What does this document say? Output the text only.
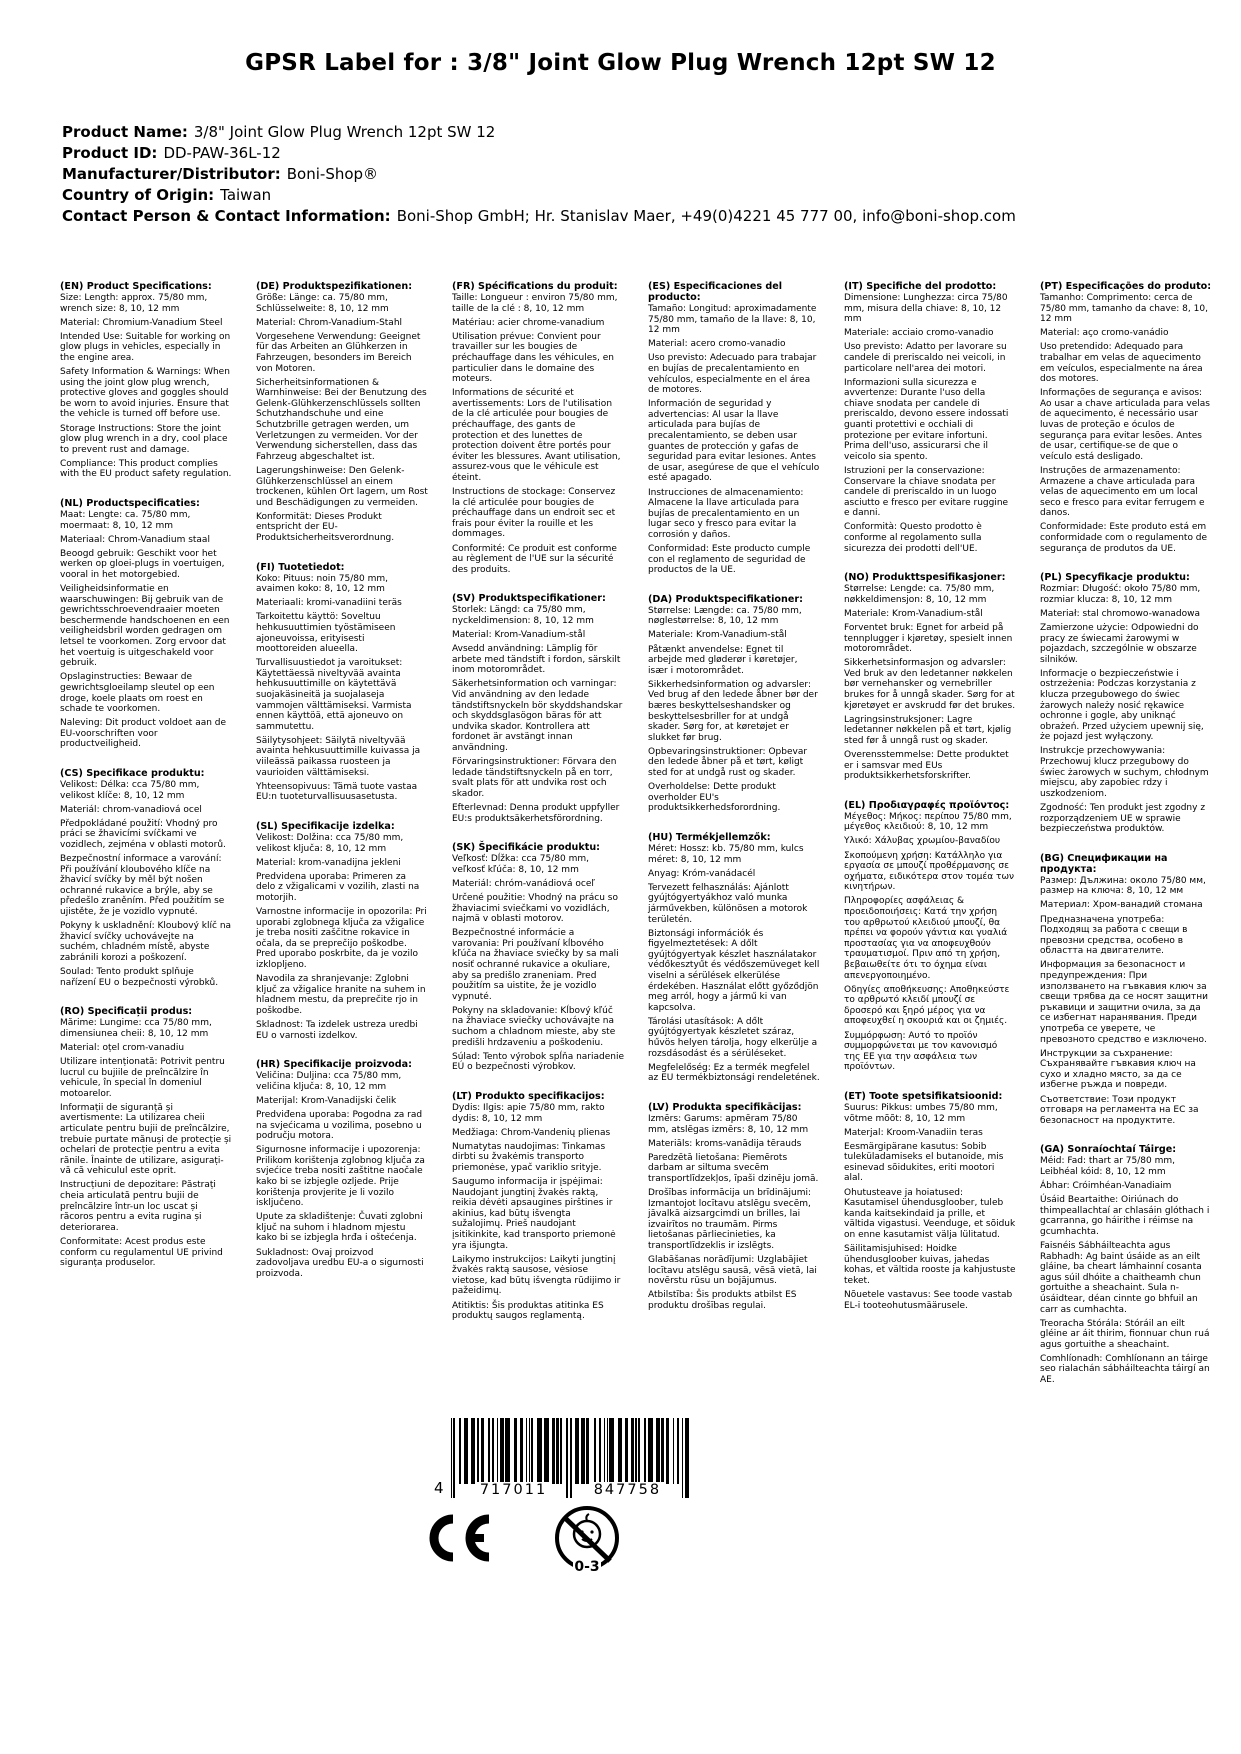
GPSR Label for : 3/8" Joint Glow Plug Wrench 12pt SW 12
Product Name: 3/8" Joint Glow Plug Wrench 12pt SW 12
Product ID: DD-PAW-36L-12
Manufacturer/Distributor: Boni-Shop®
Country of Origin: Taiwan
Contact Person & Contact Information: Boni-Shop GmbH; Hr. Stanislav Maer, +49(0)4221 45 777 00, info@boni-shop.com
(EN) Product Specifications:

Size: Length: approx. 75/80 mm, wrench size: 8, 10, 12 mm

Material: Chromium-Vanadium Steel

Intended Use: Suitable for working on glow plugs in vehicles, especially in the engine area.

Safety Information & Warnings: When using the joint glow plug wrench, protective gloves and goggles should be worn to avoid injuries. Ensure that the vehicle is turned off before use.

Storage Instructions: Store the joint glow plug wrench in a dry, cool place to prevent rust and damage.

Compliance: This product complies with the EU product safety regulation.

(NL) Productspecificaties:

Maat: Lengte: ca. 75/80 mm, moermaat: 8, 10, 12 mm

Materiaal: Chrom-Vanadium staal

Beoogd gebruik: Geschikt voor het werken op gloei-plugs in voertuigen, vooral in het motorgebied.

Veiligheidsinformatie en waarschuwingen: Bij gebruik van de gewrichtsschroevendraaier moeten beschermende handschoenen en een veiligheidsbril worden gedragen om letsel te voorkomen. Zorg ervoor dat het voertuig is uitgeschakeld voor gebruik.

Opslaginstructies: Bewaar de gewrichtsgloeilamp sleutel op een droge, koele plaats om roest en schade te voorkomen.

Naleving: Dit product voldoet aan de EU-voorschriften voor productveiligheid.

(CS) Specifikace produktu:

Velikost: Délka: cca 75/80 mm, velikost klíče: 8, 10, 12 mm

Materiál: chrom-vanadiová ocel

Předpokládané použití: Vhodný pro práci se žhavicími svíčkami ve vozidlech, zejména v oblasti motorů.

Bezpečnostní informace a varování: Při používání kloubového klíče na žhavicí svíčky by měl být nošen ochranné rukavice a brýle, aby se předešlo zraněním. Před použitím se ujistěte, že je vozidlo vypnuté.

Pokyny k uskladnění: Kloubový klíč na žhavicí svíčky uchovávejte na suchém, chladném místě, abyste zabránili korozi a poškození.

Soulad: Tento produkt splňuje nařízení EU o bezpečnosti výrobků.

(RO) Specificații produs:

Mărime: Lungime: cca 75/80 mm, dimensiunea cheii: 8, 10, 12 mm

Material: oțel crom-vanadiu

Utilizare intenționată: Potrivit pentru lucrul cu bujiile de preîncălzire în vehicule, în special în domeniul motoarelor.

Informații de siguranță și avertismente: La utilizarea cheii articulate pentru bujii de preîncălzire, trebuie purtate mănuși de protecție și ochelari de protecție pentru a evita rănile. Înainte de utilizare, asigurați-vă că vehiculul este oprit.

Instrucțiuni de depozitare: Păstrați cheia articulată pentru bujii de preîncălzire într-un loc uscat și răcoros pentru a evita rugina și deteriorarea.

Conformitate: Acest produs este conform cu regulamentul UE privind siguranța produselor.

(DE) Produktspezifikationen:

Größe: Länge: ca. 75/80 mm, Schlüsselweite: 8, 10, 12 mm

Material: Chrom-Vanadium-Stahl

Vorgesehene Verwendung: Geeignet für das Arbeiten an Glühkerzen in Fahrzeugen, besonders im Bereich von Motoren.

Sicherheitsinformationen & Warnhinweise: Bei der Benutzung des Gelenk-Glühkerzenschlüssels sollten Schutzhandschuhe und eine Schutzbrille getragen werden, um Verletzungen zu vermeiden. Vor der Verwendung sicherstellen, dass das Fahrzeug abgeschaltet ist.

Lagerungshinweise: Den Gelenk-Glühkerzenschlüssel an einem trockenen, kühlen Ort lagern, um Rost und Beschädigungen zu vermeiden.

Konformität: Dieses Produkt entspricht der EU-Produktsicherheitsverordnung.

(FI) Tuotetiedot:

Koko: Pituus: noin 75/80 mm, avaimen koko: 8, 10, 12 mm

Materiaali: kromi-vanadiini teräs

Tarkoitettu käyttö: Soveltuu hehkusuuttimien työstämiseen ajoneuvoissa, erityisesti moottoreiden alueella.

Turvallisuustiedot ja varoitukset: Käytettäessä niveltyvää avainta hehkusuuttimille on käytettävä suojakäsineitä ja suojalaseja vammojen välttämiseksi. Varmista ennen käyttöä, että ajoneuvo on sammutettu.

Säilytysohjeet: Säilytä niveltyvää avainta hehkusuuttimille kuivassa ja viileässä paikassa ruosteen ja vaurioiden välttämiseksi.

Yhteensopivuus: Tämä tuote vastaa EU:n tuoteturvallisuusasetusta.

(SL) Specifikacije izdelka:

Velikost: Dolžina: cca 75/80 mm, velikost ključa: 8, 10, 12 mm

Material: krom-vanadijna jekleni

Predvidena uporaba: Primeren za delo z vžigalicami v vozilih, zlasti na motorjih.

Varnostne informacije in opozorila: Pri uporabi zglobnega ključa za vžigalice je treba nositi zaščitne rokavice in očala, da se preprečijo poškodbe. Pred uporabo poskrbite, da je vozilo izklopljeno.

Navodila za shranjevanje: Zglobni ključ za vžigalice hranite na suhem in hladnem mestu, da preprečite rjo in poškodbe.

Skladnost: Ta izdelek ustreza uredbi EU o varnosti izdelkov.

(HR) Specifikacije proizvoda:

Veličina: Duljina: cca 75/80 mm, veličina ključa: 8, 10, 12 mm

Materijal: Krom-Vanadijski čelik

Predviđena uporaba: Pogodna za rad na svjećicama u vozilima, posebno u području motora.

Sigurnosne informacije i upozorenja: Prilikom korištenja zglobnog ključa za svjećice treba nositi zaštitne naočale kako bi se izbjegle ozljede. Prije korištenja provjerite je li vozilo isključeno.

Upute za skladištenje: Čuvati zglobni ključ na suhom i hladnom mjestu kako bi se izbjegla hrđa i oštećenja.

Sukladnost: Ovaj proizvod zadovoljava uredbu EU-a o sigurnosti proizvoda.

(FR) Spécifications du produit:

Taille: Longueur : environ 75/80 mm, taille de la clé : 8, 10, 12 mm

Matériau: acier chrome-vanadium

Utilisation prévue: Convient pour travailler sur les bougies de préchauffage dans les véhicules, en particulier dans le domaine des moteurs.

Informations de sécurité et avertissements: Lors de l'utilisation de la clé articulée pour bougies de préchauffage, des gants de protection et des lunettes de protection doivent être portés pour éviter les blessures. Avant utilisation, assurez-vous que le véhicule est éteint.

Instructions de stockage: Conservez la clé articulée pour bougies de préchauffage dans un endroit sec et frais pour éviter la rouille et les dommages.

Conformité: Ce produit est conforme au règlement de l'UE sur la sécurité des produits.

(SV) Produktspecifikationer:

Storlek: Längd: ca 75/80 mm, nyckeldimension: 8, 10, 12 mm

Material: Krom-Vanadium-stål

Avsedd användning: Lämplig för arbete med tändstift i fordon, särskilt inom motorområdet.

Säkerhetsinformation och varningar: Vid användning av den ledade tändstiftsnyckeln bör skyddshandskar och skyddsglasögon bäras för att undvika skador. Kontrollera att fordonet är avstängt innan användning.

Förvaringsinstruktioner: Förvara den ledade tändstiftsnyckeln på en torr, svalt plats för att undvika rost och skador.

Efterlevnad: Denna produkt uppfyller EU:s produktsäkerhetsförordning.

(SK) Špecifikácie produktu:

Veľkosť: Dĺžka: cca 75/80 mm, veľkosť kľúča: 8, 10, 12 mm

Materiál: chróm-vanádiová oceľ

Určené použitie: Vhodný na prácu so žhaviacimi sviečkami vo vozidlách, najmä v oblasti motorov.

Bezpečnostné informácie a varovania: Pri používaní kĺbového kľúča na žhaviace sviečky by sa mali nosiť ochranné rukavice a okuliare, aby sa predišlo zraneniam. Pred použitím sa uistite, že je vozidlo vypnuté.

Pokyny na skladovanie: Kĺbový kľúč na žhaviace sviečky uchovávajte na suchom a chladnom mieste, aby ste predišli hrdzaveniu a poškodeniu.

Súlad: Tento výrobok spĺňa nariadenie EÚ o bezpečnosti výrobkov.

(LT) Produkto specifikacijos:

Dydis: Ilgis: apie 75/80 mm, rakto dydis: 8, 10, 12 mm

Medžiaga: Chrom-Vandenių plienas

Numatytas naudojimas: Tinkamas dirbti su žvakėmis transporto priemonėse, ypač variklio srityje.

Saugumo informacija ir įspėjimai: Naudojant jungtinį žvakės raktą, reikia dėvėti apsaugines pirštines ir akinius, kad būtų išvengta sužalojimų. Prieš naudojant įsitikinkite, kad transporto priemonė yra išjungta.

Laikymo instrukcijos: Laikyti jungtinį žvakės raktą sausose, vėsiose vietose, kad būtų išvengta rūdijimo ir pažeidimų.

Atitiktis: Šis produktas atitinka ES produktų saugos reglamentą.

(ES) Especificaciones del producto:

Tamaño: Longitud: aproximadamente 75/80 mm, tamaño de la llave: 8, 10, 12 mm

Material: acero cromo-vanadio

Uso previsto: Adecuado para trabajar en bujías de precalentamiento en vehículos, especialmente en el área de motores.

Información de seguridad y advertencias: Al usar la llave articulada para bujías de precalentamiento, se deben usar guantes de protección y gafas de seguridad para evitar lesiones. Antes de usar, asegúrese de que el vehículo esté apagado.

Instrucciones de almacenamiento: Almacene la llave articulada para bujías de precalentamiento en un lugar seco y fresco para evitar la corrosión y daños.

Conformidad: Este producto cumple con el reglamento de seguridad de productos de la UE.

(DA) Produktspecifikationer:

Størrelse: Længde: ca. 75/80 mm, nøglestørrelse: 8, 10, 12 mm

Materiale: Krom-Vanadium-stål

Påtænkt anvendelse: Egnet til arbejde med gløderør i køretøjer, især i motorområdet.

Sikkerhedsinformation og advarsler: Ved brug af den ledede åbner bør der bæres beskyttelseshandsker og beskyttelsesbriller for at undgå skader. Sørg for, at køretøjet er slukket før brug.

Opbevaringsinstruktioner: Opbevar den ledede åbner på et tørt, køligt sted for at undgå rust og skader.

Overholdelse: Dette produkt overholder EU's produktsikkerhedsforordning.

(HU) Termékjellemzők:

Méret: Hossz: kb. 75/80 mm, kulcs méret: 8, 10, 12 mm

Anyag: Króm-vanádacél

Tervezett felhasználás: Ajánlott gyújtógyertyákhoz való munka járművekben, különösen a motorok területén.

Biztonsági információk és figyelmeztetések: A dőlt gyújtógyertyak készlet használatakor védőkesztyűt és védőszemüveget kell viselni a sérülések elkerülése érdekében. Használat előtt győződjön meg arról, hogy a jármű ki van kapcsolva.

Tárolási utasítások: A dőlt gyújtógyertyak készletet száraz, hűvös helyen tárolja, hogy elkerülje a rozsdásodást és a sérüléseket.

Megfelelőség: Ez a termék megfelel az EU termékbiztonsági rendeletének.

(LV) Produkta specifikācijas:

Izmērs: Garums: apmēram 75/80 mm, atslēgas izmērs: 8, 10, 12 mm

Materiāls: kroms-vanādija tērauds

Paredzētā lietošana: Piemērots darbam ar siltuma svecēm transportlīdzekļos, īpaši dzinēju jomā.

Drošības informācija un brīdinājumi: Izmantojot locītavu atslēgu svecēm, jāvalkā aizsargcimdi un brilles, lai izvairītos no traumām. Pirms lietošanas pārliecinieties, ka transportlīdzeklis ir izslēgts.

Glabāšanas norādījumi: Uzglabājiet locītavu atslēgu sausā, vēsā vietā, lai novērstu rūsu un bojājumus.

Atbilstība: Šis produkts atbilst ES produktu drošības regulai.

(IT) Specifiche del prodotto:

Dimensione: Lunghezza: circa 75/80 mm, misura della chiave: 8, 10, 12 mm

Materiale: acciaio cromo-vanadio

Uso previsto: Adatto per lavorare su candele di preriscaldo nei veicoli, in particolare nell'area dei motori.

Informazioni sulla sicurezza e avvertenze: Durante l'uso della chiave snodata per candele di preriscaldo, devono essere indossati guanti protettivi e occhiali di protezione per evitare infortuni. Prima dell'uso, assicurarsi che il veicolo sia spento.

Istruzioni per la conservazione: Conservare la chiave snodata per candele di preriscaldo in un luogo asciutto e fresco per evitare ruggine e danni.

Conformità: Questo prodotto è conforme al regolamento sulla sicurezza dei prodotti dell'UE.

(NO) Produkttspesifikasjoner:

Størrelse: Lengde: ca. 75/80 mm, nøkkeldimensjon: 8, 10, 12 mm

Materiale: Krom-Vanadium-stål

Forventet bruk: Egnet for arbeid på tennplugger i kjøretøy, spesielt innen motorområdet.

Sikkerhetsinformasjon og advarsler: Ved bruk av den ledetanner nøkkelen bør vernehansker og vernebriller brukes for å unngå skader. Sørg for at kjøretøyet er avskrudd før det brukes.

Lagringsinstruksjoner: Lagre ledetanner nøkkelen på et tørt, kjølig sted før å unngå rust og skader.

Overensstemmelse: Dette produktet er i samsvar med EUs produktsikkerhetsforskrifter.

(EL) Προδιαγραφές προϊόντος:

Μέγεθος: Μήκος: περίπου 75/80 mm, μέγεθος κλειδιού: 8, 10, 12 mm

Υλικό: Χάλυβας χρωμίου-βαναδίου

Σκοπούμενη χρήση: Κατάλληλο για εργασία σε μπουζί προθέρμανσης σε οχήματα, ειδικότερα στον τομέα των κινητήρων.

Πληροφορίες ασφάλειας & προειδοποιήσεις: Κατά την χρήση του αρθρωτού κλειδιού μπουζί, θα πρέπει να φορούν γάντια και γυαλιά προστασίας για να αποφευχθούν τραυματισμοί. Πριν από τη χρήση, βεβαιωθείτε ότι το όχημα είναι απενεργοποιημένο.

Οδηγίες αποθήκευσης: Αποθηκεύστε το αρθρωτό κλειδί μπουζί σε δροσερό και ξηρό μέρος για να αποφευχθεί η σκουριά και οι ζημιές.

Συμμόρφωση: Αυτό το προϊόν συμμορφώνεται με τον κανονισμό της ΕΕ για την ασφάλεια των προϊόντων.

(ET) Toote spetsifikatsioonid:

Suurus: Pikkus: umbes 75/80 mm, võtme mõõt: 8, 10, 12 mm

Materjal: Kroom-Vanadiin teras

Eesmärgipärane kasutus: Sobib tuleküladamiseks el butanoide, mis esinevad sõidukites, eriti mootori alal.

Ohutusteave ja hoiatused: Kasutamisel ühendusgloober, tuleb kanda kaitsekindaid ja prille, et vältida vigastusi. Veenduge, et sõiduk on enne kasutamist välja lülitatud.

Säilitamisjuhised: Hoidke ühendusgloober kuivas, jahedas kohas, et vältida rooste ja kahjustuste teket.

Nõuetele vastavus: See toode vastab EL-i tooteohutusmäärusele.

(PT) Especificações do produto:

Tamanho: Comprimento: cerca de 75/80 mm, tamanho da chave: 8, 10, 12 mm

Material: aço cromo-vanádio

Uso pretendido: Adequado para trabalhar em velas de aquecimento em veículos, especialmente na área dos motores.

Informações de segurança e avisos: Ao usar a chave articulada para velas de aquecimento, é necessário usar luvas de proteção e óculos de segurança para evitar lesões. Antes de usar, certifique-se de que o veículo está desligado.

Instruções de armazenamento: Armazene a chave articulada para velas de aquecimento em um local seco e fresco para evitar ferrugem e danos.

Conformidade: Este produto está em conformidade com o regulamento de segurança de produtos da UE.

(PL) Specyfikacje produktu:

Rozmiar: Długość: około 75/80 mm, rozmiar klucza: 8, 10, 12 mm

Materiał: stal chromowo-wanadowa

Zamierzone użycie: Odpowiedni do pracy ze świecami żarowymi w pojazdach, szczególnie w obszarze silników.

Informacje o bezpieczeństwie i ostrzeżenia: Podczas korzystania z klucza przegubowego do świec żarowych należy nosić rękawice ochronne i gogle, aby uniknąć obrażeń. Przed użyciem upewnij się, że pojazd jest wyłączony.

Instrukcje przechowywania: Przechowuj klucz przegubowy do świec żarowych w suchym, chłodnym miejscu, aby zapobiec rdzy i uszkodzeniom.

Zgodność: Ten produkt jest zgodny z rozporządzeniem UE w sprawie bezpieczeństwa produktów.

(BG) Спецификации на продукта:

Размер: Дължина: около 75/80 мм, размер на ключа: 8, 10, 12 мм

Материал: Хром-ванадий стомана

Предназначена употреба: Подходящ за работа с свещи в превозни средства, особено в областта на двигателите.

Информация за безопасност и предупреждения: При използването на гъвкавия ключ за свещи трябва да се носят защитни ръкавици и защитни очила, за да се избегнат наранявания. Преди употреба се уверете, че превозното средство е изключено.

Инструкции за съхранение: Съхранявайте гъвкавия ключ на сухо и хладно място, за да се избегне ръжда и повреди.

Съответствие: Този продукт отговаря на регламента на ЕС за безопасност на продуктите.

(GA) Sonraíochtaí Táirge:

Méid: Fad: thart ar 75/80 mm, Leibhéal kóid: 8, 10, 12 mm

Ábhar: Cróimhéan-Vanadiaim

Úsáid Beartaithe: Oiriúnach do thimpeallachtaí ar chlasáin glóthach i gcarranna, go háirithe i réimse na gcumhachta.

Faisnéis Sábháilteachta agus Rabhadh: Ag baint úsáide as an eilt gláine, ba cheart lámhainní cosanta agus súil dhóite a chaitheamh chun gortuithe a sheachaint. Sula n-úsáidtear, déan cinnte go bhfuil an carr as cumhachta.

Treoracha Stórála: Stóráil an eilt gléine ar áit thirim, fionnuar chun ruá agus gortuithe a sheachaint.

Comhlíonadh: Comhlíonann an táirge seo rialachán sábháilteachta táirgí an AE.

4	717011	847758
0-3
